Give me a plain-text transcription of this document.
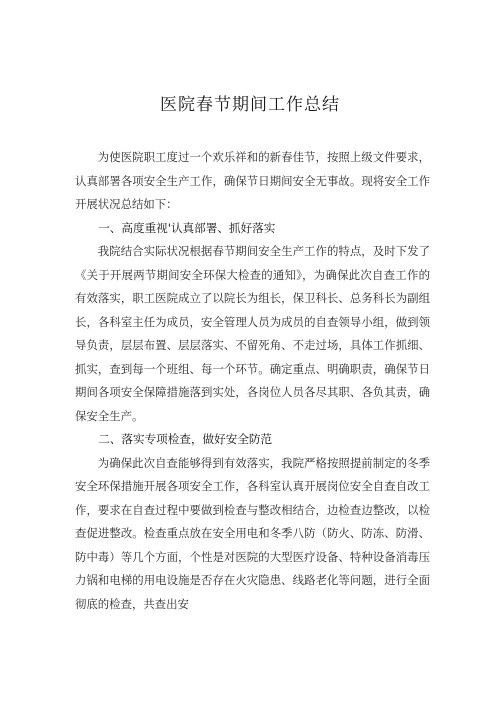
医院春节期间工作总结

为使医院职工度过一个欢乐祥和的新春佳节，按照上级文件要求，认真部署各项安全生产工作，确保节日期间安全无事故。现将安全工作开展状况总结如下：

一、高度重视'认真部署、抓好落实

我院结合实际状况根据春节期间安全生产工作的特点，及时下发了《关于开展两节期间安全环保大检查的通知》，为确保此次自查工作的有效落实，职工医院成立了以院长为组长，保卫科长、总务科长为副组长，各科室主任为成员，安全管理人员为成员的自查领导小组，做到领导负责，层层布置、层层落实、不留死角、不走过场，具体工作抓细、抓实，查到每一个班组、每一个环节。确定重点、明确职责，确保节日期间各项安全保障措施落到实处，各岗位人员各尽其职、各负其责，确保安全生产。

二、落实专项检查，做好安全防范

为确保此次自查能够得到有效落实，我院严格按照提前制定的冬季安全环保措施开展各项安全工作，各科室认真开展岗位安全自查自改工作，要求在自查过程中要做到检查与整改相结合，边检查边整改，以检查促进整改。检查重点放在安全用电和冬季八防（防火、防冻、防滑、防中毒）等几个方面，个性是对医院的大型医疗设备、特种设备消毒压力锅和电梯的用电设施是否存在火灾隐患、线路老化等问题，进行全面彻底的检查，共查出安
